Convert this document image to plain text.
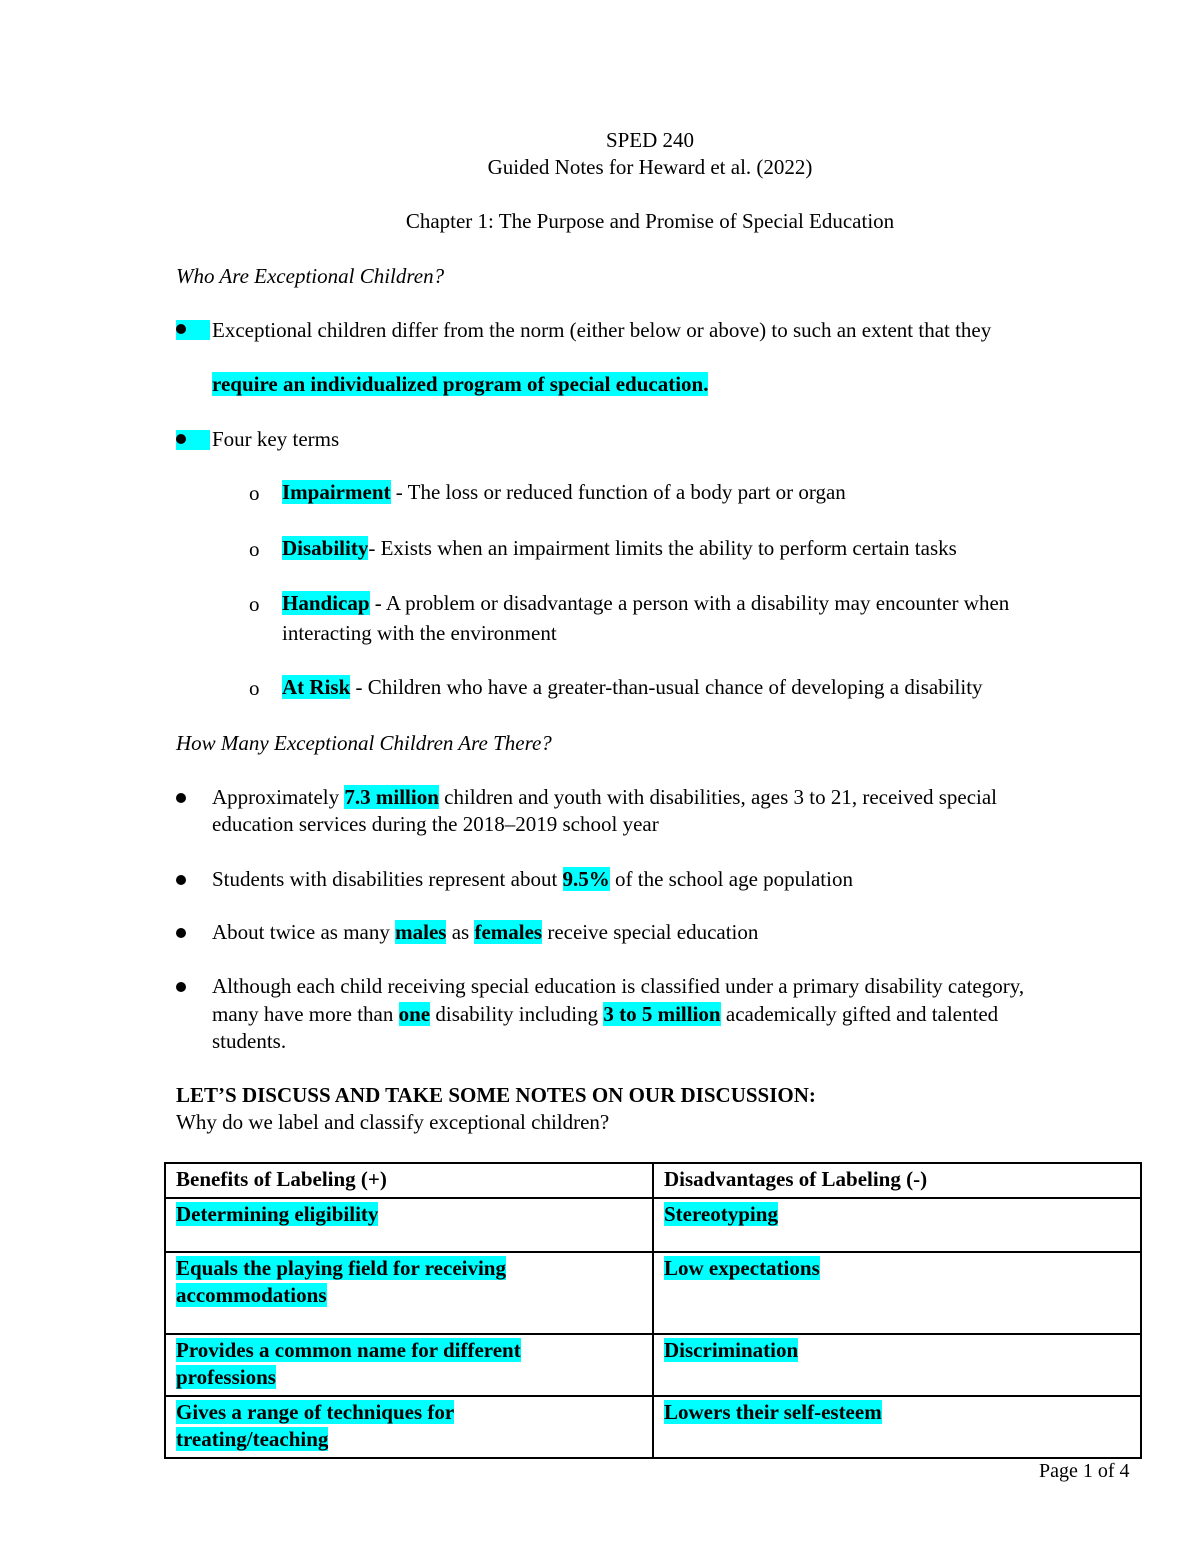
SPED 240
Guided Notes for Heward et al. (2022)
Chapter 1: The Purpose and Promise of Special Education
Who Are Exceptional Children?
Exceptional children differ from the norm (either below or above) to such an extent that they
require an individualized program of special education.
Four key terms
o Impairment - The loss or reduced function of a body part or organ
o Disability- Exists when an impairment limits the ability to perform certain tasks
o Handicap - A problem or disadvantage a person with a disability may encounter when
interacting with the environment
o At Risk - Children who have a greater-than-usual chance of developing a disability
How Many Exceptional Children Are There?
Approximately 7.3 million children and youth with disabilities, ages 3 to 21, received special
education services during the 2018–2019 school year
Students with disabilities represent about 9.5% of the school age population
About twice as many males as females receive special education
Although each child receiving special education is classified under a primary disability category,
many have more than one disability including 3 to 5 million academically gifted and talented
students.
LET’S DISCUSS AND TAKE SOME NOTES ON OUR DISCUSSION:
Why do we label and classify exceptional children?
Benefits of Labeling (+)	Disadvantages of Labeling (-)
Determining eligibility	Stereotyping
Equals the playing field for receiving
accommodations	Low expectations
Provides a common name for different
professions	Discrimination
Gives a range of techniques for
treating/teaching	Lowers their self-esteem
Page 1 of 4
